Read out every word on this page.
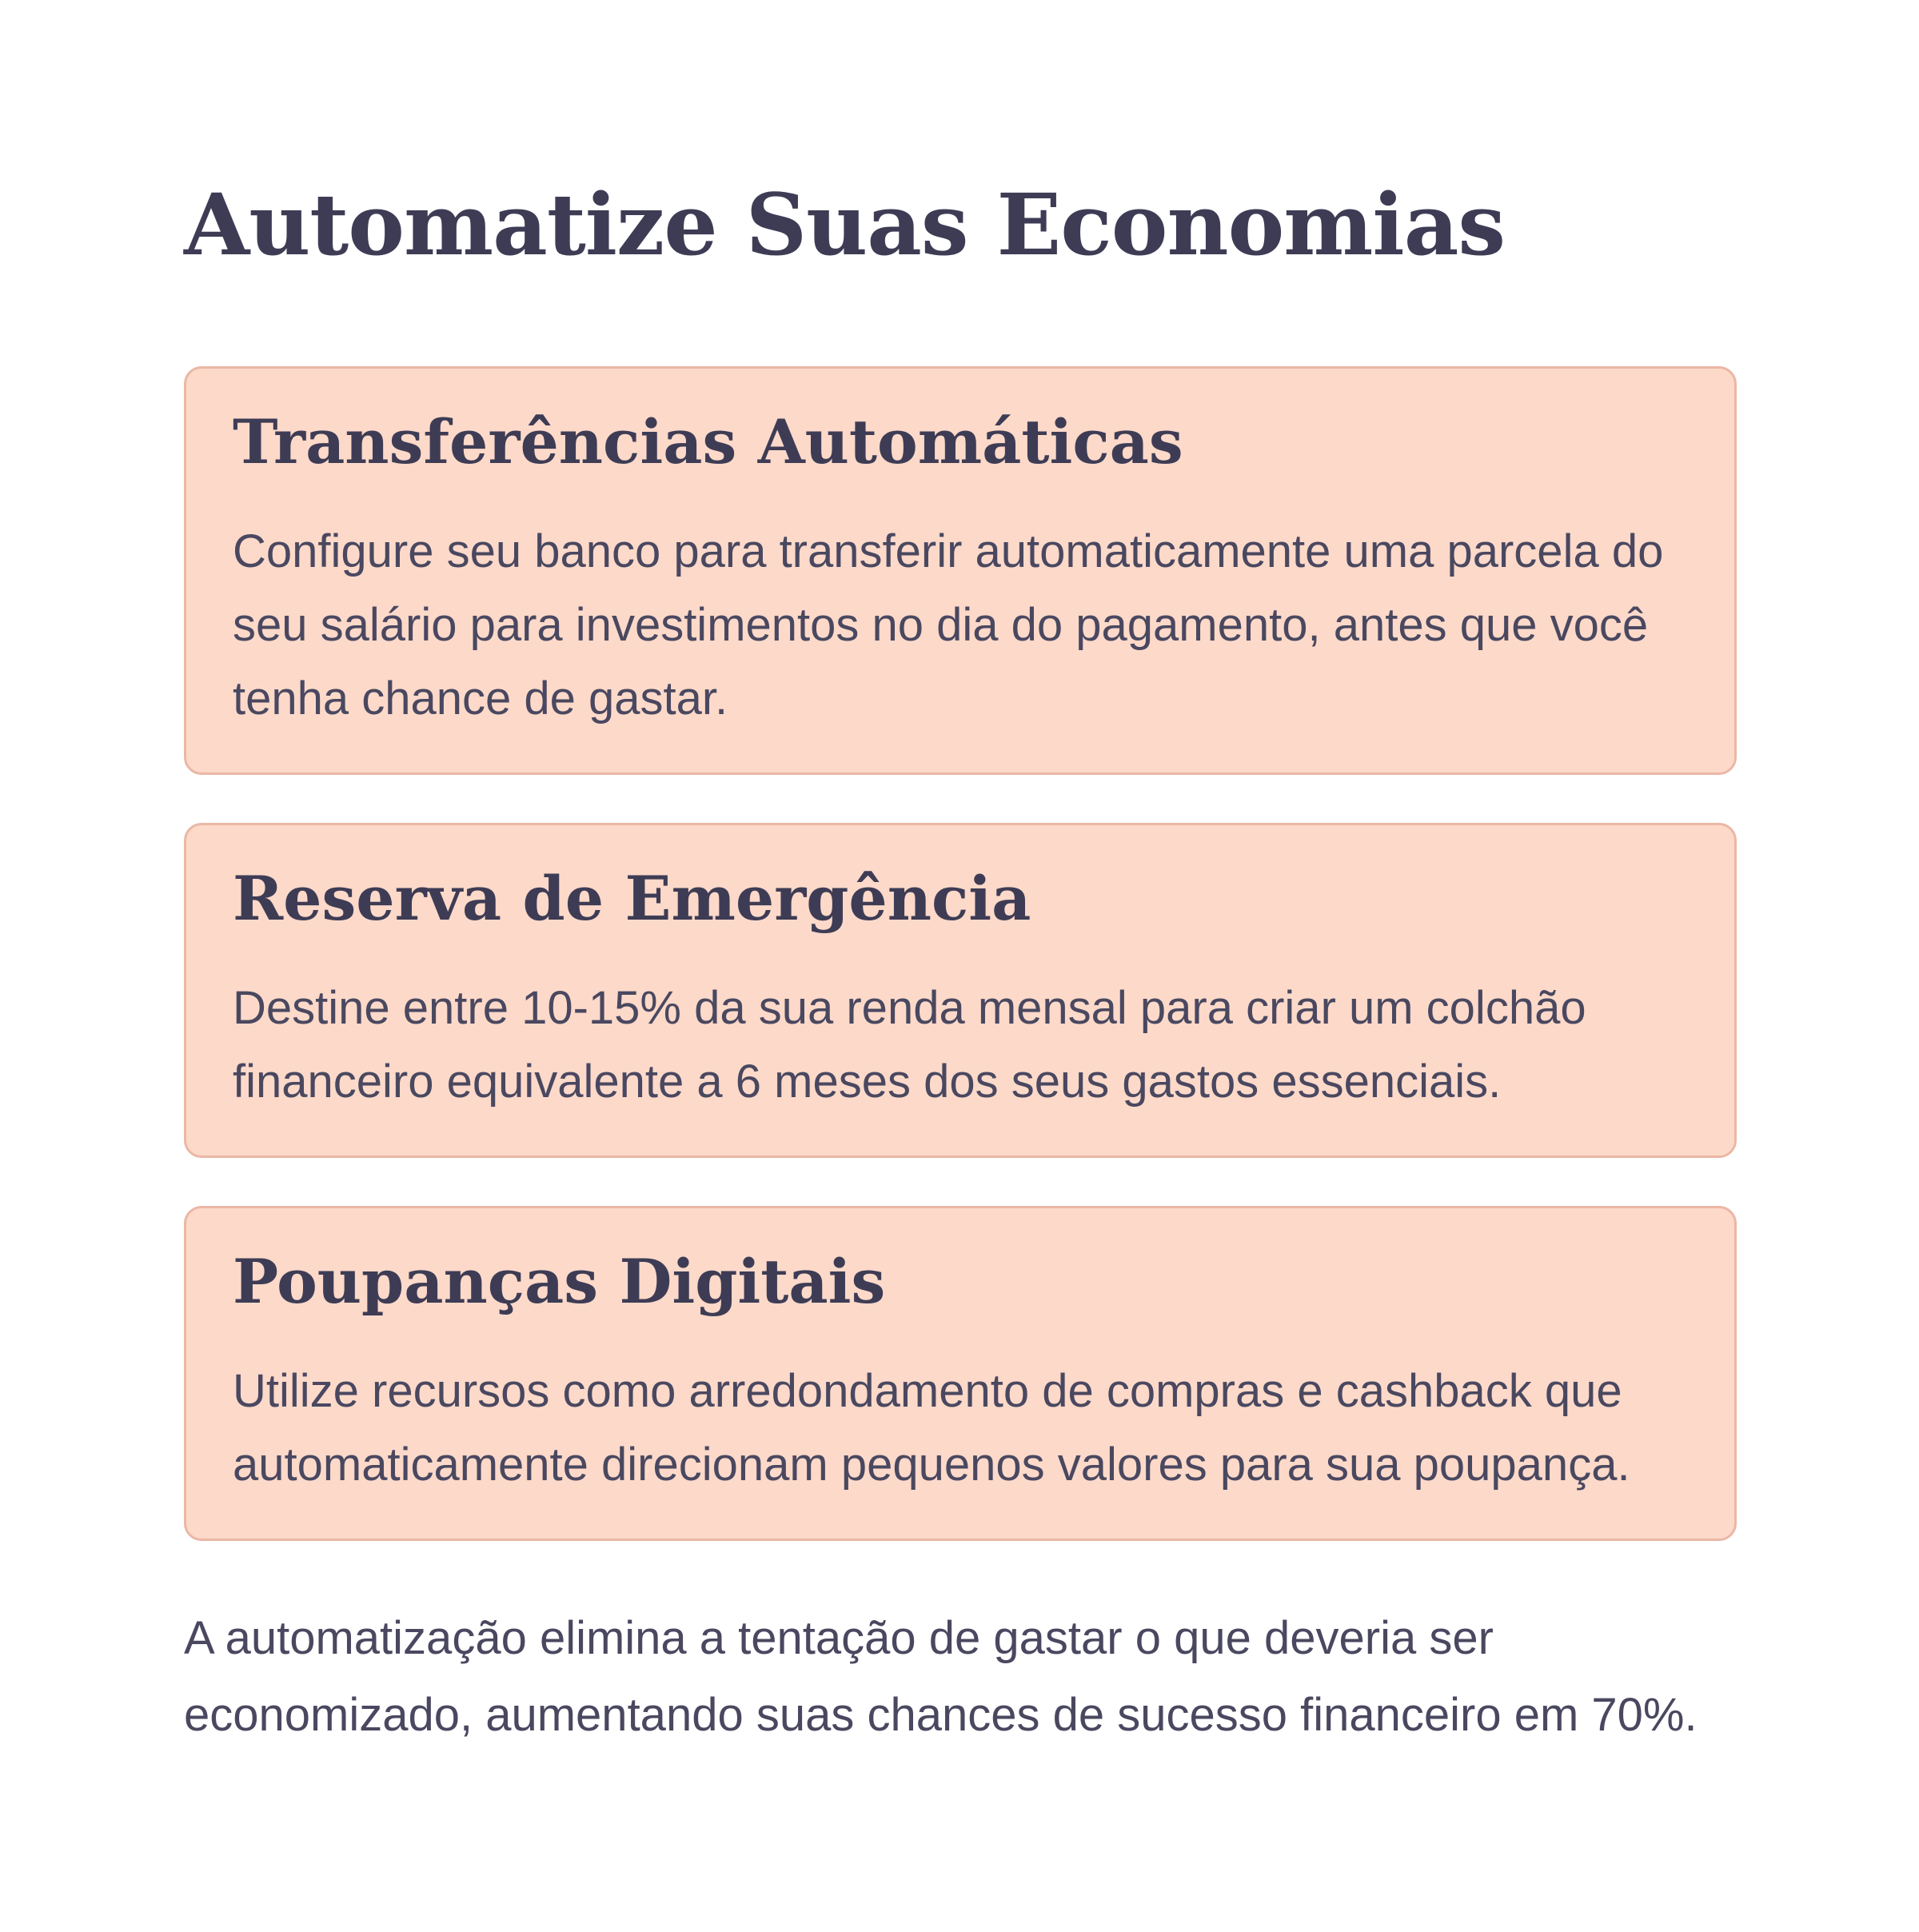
Automatize Suas Economias
Transferências Automáticas

Configure seu banco para transferir automaticamente uma parcela do seu salário para investimentos no dia do pagamento, antes que você tenha chance de gastar.

Reserva de Emergência

Destine entre 10-15% da sua renda mensal para criar um colchão financeiro equivalente a 6 meses dos seus gastos essenciais.

Poupanças Digitais

Utilize recursos como arredondamento de compras e cashback que automaticamente direcionam pequenos valores para sua poupança.

A automatização elimina a tentação de gastar o que deveria ser economizado, aumentando suas chances de sucesso financeiro em 70%.
